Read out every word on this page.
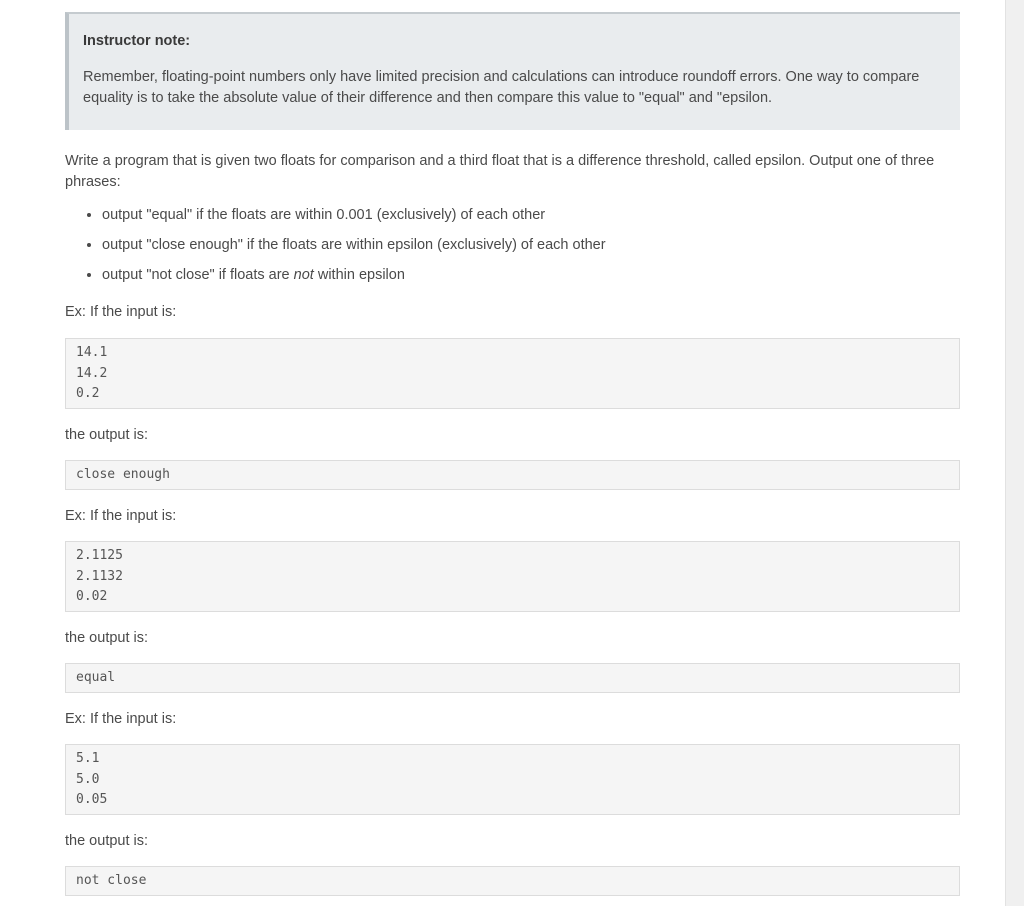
Instructor note:

Remember, floating-point numbers only have limited precision and calculations can introduce roundoff errors. One way to compare equality is to take the absolute value of their difference and then compare this value to "equal" and "epsilon.

Write a program that is given two floats for comparison and a third float that is a difference threshold, called epsilon. Output one of three phrases:

• output "equal" if the floats are within 0.001 (exclusively) of each other
• output "close enough" if the floats are within epsilon (exclusively) of each other
• output "not close" if floats are not within epsilon

Ex: If the input is:

14.1
14.2
0.2

the output is:

close enough

Ex: If the input is:

2.1125
2.1132
0.02

the output is:

equal

Ex: If the input is:

5.1
5.0
0.05

the output is:

not close
